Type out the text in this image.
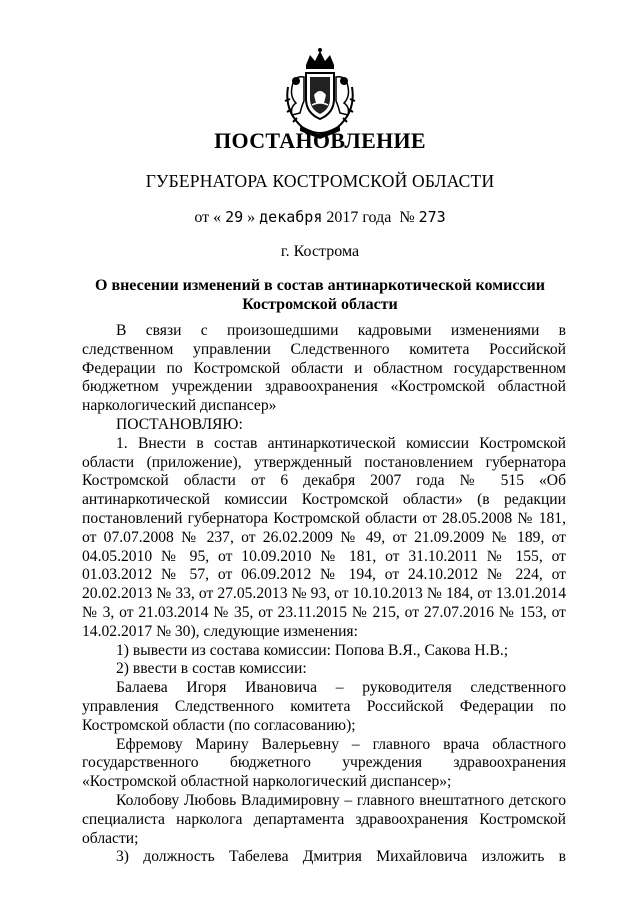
ПОСТАНОВЛЕНИЕ
ГУБЕРНАТОРА КОСТРОМСКОЙ ОБЛАСТИ
от « 29 » декабря 2017 года № 273
г. Кострома
О внесении изменений в состав антинаркотической комиссии
Костромской области

В связи с произошедшими кадровыми изменениями в следственном управлении Следственного комитета Российской Федерации по Костромской области и областном государственном бюджетном учреждении здравоохранения «Костромской областной наркологический диспансер»

ПОСТАНОВЛЯЮ:

1. Внести в состав антинаркотической комиссии Костромской области (приложение), утвержденный постановлением губернатора Костромской области от 6 декабря 2007 года № 515 «Об антинаркотической комиссии Костромской области» (в редакции постановлений губернатора Костромской области от 28.05.2008 № 181, от 07.07.2008 № 237, от 26.02.2009 № 49, от 21.09.2009 № 189, от 04.05.2010 № 95, от 10.09.2010 № 181, от 31.10.2011 № 155, от 01.03.2012 № 57, от 06.09.2012 № 194, от 24.10.2012 № 224, от 20.02.2013 № 33, от 27.05.2013 № 93, от 10.10.2013 № 184, от 13.01.2014 № 3, от 21.03.2014 № 35, от 23.11.2015 № 215, от 27.07.2016 № 153, от 14.02.2017 № 30), следующие изменения:

1) вывести из состава комиссии: Попова В.Я., Сакова Н.В.;

2) ввести в состав комиссии:

Балаева Игоря Ивановича – руководителя следственного управления Следственного комитета Российской Федерации по Костромской области (по согласованию);

Ефремову Марину Валерьевну – главного врача областного государственного бюджетного учреждения здравоохранения «Костромской областной наркологический диспансер»;

Колобову Любовь Владимировну – главного внештатного детского специалиста нарколога департамента здравоохранения Костромской области;

3) должность Табелева Дмитрия Михайловича изложить в
